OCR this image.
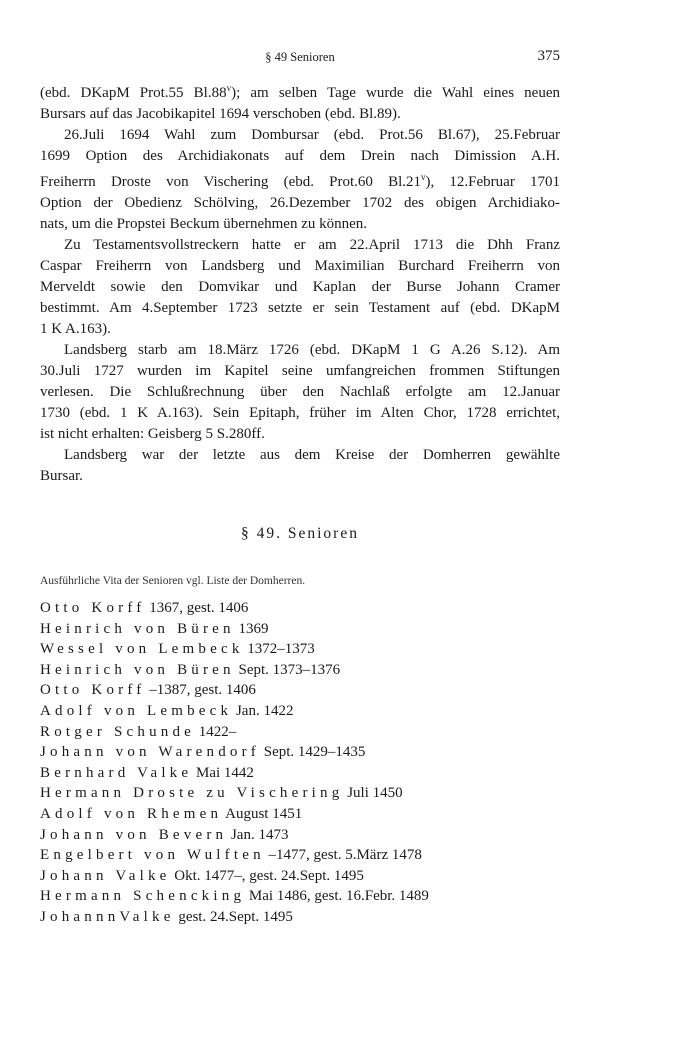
§ 49 Senioren	375
(ebd. DKapM Prot.55 Bl.88$^v$); am selben Tage wurde die Wahl eines neuen
Bursars auf das Jacobikapitel 1694 verschoben (ebd. Bl.89).
26.Juli 1694 Wahl zum Dombursar (ebd. Prot.56 Bl.67), 25.Februar
1699 Option des Archidiakonats auf dem Drein nach Dimission A.H.
Freiherrn Droste von Vischering (ebd. Prot.60 Bl.21$^v$), 12.Februar 1701
Option der Obedienz Schölving, 26.Dezember 1702 des obigen Archidiako-
nats, um die Propstei Beckum übernehmen zu können.
Zu Testamentsvollstreckern hatte er am 22.April 1713 die Dhh Franz
Caspar Freiherrn von Landsberg und Maximilian Burchard Freiherrn von
Merveldt sowie den Domvikar und Kaplan der Burse Johann Cramer
bestimmt. Am 4.September 1723 setzte er sein Testament auf (ebd. DKapM
1 K A.163).
Landsberg starb am 18.März 1726 (ebd. DKapM 1 G A.26 S.12). Am
30.Juli 1727 wurden im Kapitel seine umfangreichen frommen Stiftungen
verlesen. Die Schlußrechnung über den Nachlaß erfolgte am 12.Januar
1730 (ebd. 1 K A.163). Sein Epitaph, früher im Alten Chor, 1728 errichtet,
ist nicht erhalten: Geisberg 5 S.280ff.
Landsberg war der letzte aus dem Kreise der Domherren gewählte
Bursar.
§ 49. Senioren
Ausführliche Vita der Senioren vgl. Liste der Domherren.
Otto Korff 1367, gest. 1406
Heinrich von Büren 1369
Wessel von Lembeck 1372–1373
Heinrich von Büren Sept. 1373–1376
Otto Korff –1387, gest. 1406
Adolf von Lembeck Jan. 1422
Rotger Schunde 1422–
Johann von Warendorf Sept. 1429–1435
Bernhard Valke Mai 1442
Hermann Droste zu Vischering Juli 1450
Adolf von Rhemen August 1451
Johann von Bevern Jan. 1473
Engelbert von Wulften –1477, gest. 5.März 1478
Johann Valke Okt. 1477–, gest. 24.Sept. 1495
Hermann Schencking Mai 1486, gest. 16.Febr. 1489
JohannnValke gest. 24.Sept. 1495
